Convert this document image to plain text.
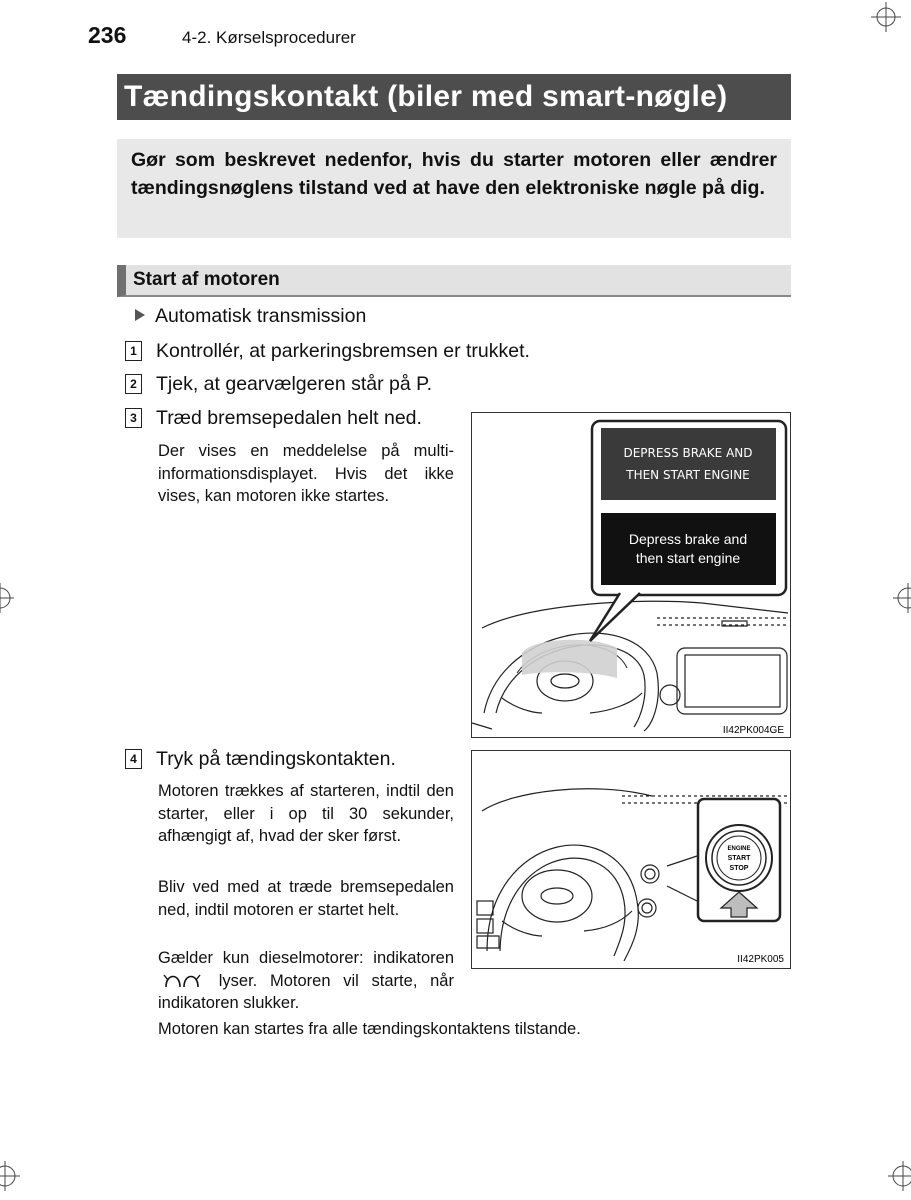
236	4-2. Kørselsprocedurer
Tændingskontakt (biler med smart-nøgle)
Gør som beskrevet nedenfor, hvis du starter motoren eller ændrer tændingsnøglens tilstand ved at have den elektroniske nøgle på dig.
Start af motoren
Automatisk transmission
1 Kontrollér, at parkeringsbremsen er trukket.
2 Tjek, at gearvælgeren står på P.
3 Træd bremsepedalen helt ned.
Der vises en meddelelse på multi-informationsdisplayet. Hvis det ikke vises, kan motoren ikke startes.
DEPRESS BRAKE AND
THEN START ENGINE
Depress brake and
then start engine
II42PK004GE
4 Tryk på tændingskontakten.
Motoren trækkes af starteren, indtil den starter, eller i op til 30 sekunder, afhængigt af, hvad der sker først.
Bliv ved med at træde bremsepedalen ned, indtil motoren er startet helt.
Gælder kun dieselmotorer: indikatoren  lyser. Motoren vil starte, når indikatoren slukker.
ENGINE
START
STOP
II42PK005
Motoren kan startes fra alle tændingskontaktens tilstande.
